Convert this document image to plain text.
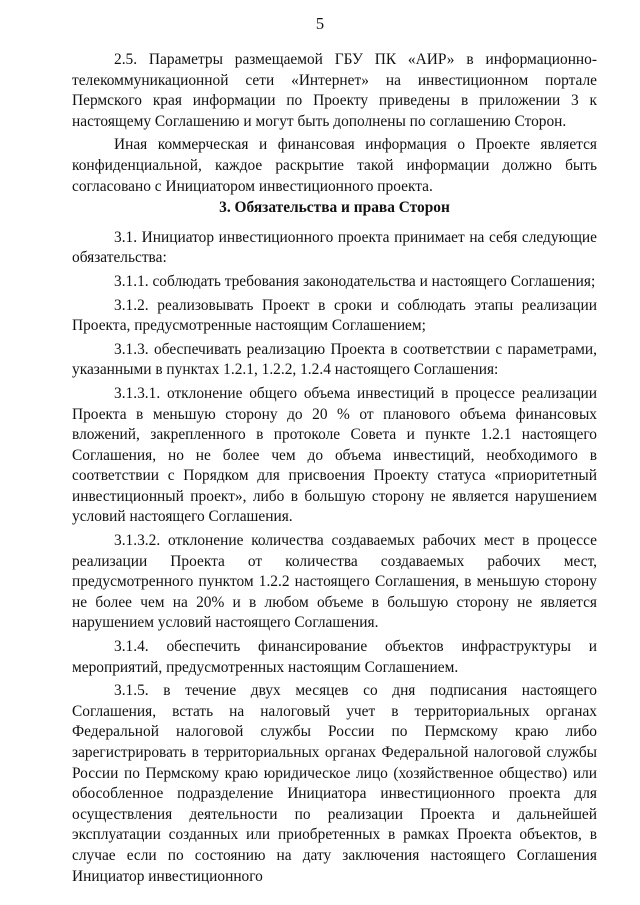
5

2.5. Параметры размещаемой ГБУ ПК «АИР» в информационно-телекоммуникационной сети «Интернет» на инвестиционном портале Пермского края информации по Проекту приведены в приложении 3 к настоящему Соглашению и могут быть дополнены по соглашению Сторон.

Иная коммерческая и финансовая информация о Проекте является конфиденциальной, каждое раскрытие такой информации должно быть согласовано с Инициатором инвестиционного проекта.

3. Обязательства и права Сторон

3.1. Инициатор инвестиционного проекта принимает на себя следующие обязательства:

3.1.1. соблюдать требования законодательства и настоящего Соглашения;

3.1.2. реализовывать Проект в сроки и соблюдать этапы реализации Проекта, предусмотренные настоящим Соглашением;

3.1.3. обеспечивать реализацию Проекта в соответствии с параметрами, указанными в пунктах 1.2.1, 1.2.2, 1.2.4 настоящего Соглашения:

3.1.3.1. отклонение общего объема инвестиций в процессе реализации Проекта в меньшую сторону до 20 % от планового объема финансовых вложений, закрепленного в протоколе Совета и пункте 1.2.1 настоящего Соглашения, но не более чем до объема инвестиций, необходимого в соответствии с Порядком для присвоения Проекту статуса «приоритетный инвестиционный проект», либо в большую сторону не является нарушением условий настоящего Соглашения.

3.1.3.2. отклонение количества создаваемых рабочих мест в процессе реализации Проекта от количества создаваемых рабочих мест, предусмотренного пунктом 1.2.2 настоящего Соглашения, в меньшую сторону не более чем на 20% и в любом объеме в большую сторону не является нарушением условий настоящего Соглашения.

3.1.4. обеспечить финансирование объектов инфраструктуры и мероприятий, предусмотренных настоящим Соглашением.

3.1.5. в течение двух месяцев со дня подписания настоящего Соглашения, встать на налоговый учет в территориальных органах Федеральной налоговой службы России по Пермскому краю либо зарегистрировать в территориальных органах Федеральной налоговой службы России по Пермскому краю юридическое лицо (хозяйственное общество) или обособленное подразделение Инициатора инвестиционного проекта для осуществления деятельности по реализации Проекта и дальнейшей эксплуатации созданных или приобретенных в рамках Проекта объектов, в случае если по состоянию на дату заключения настоящего Соглашения Инициатор инвестиционного
